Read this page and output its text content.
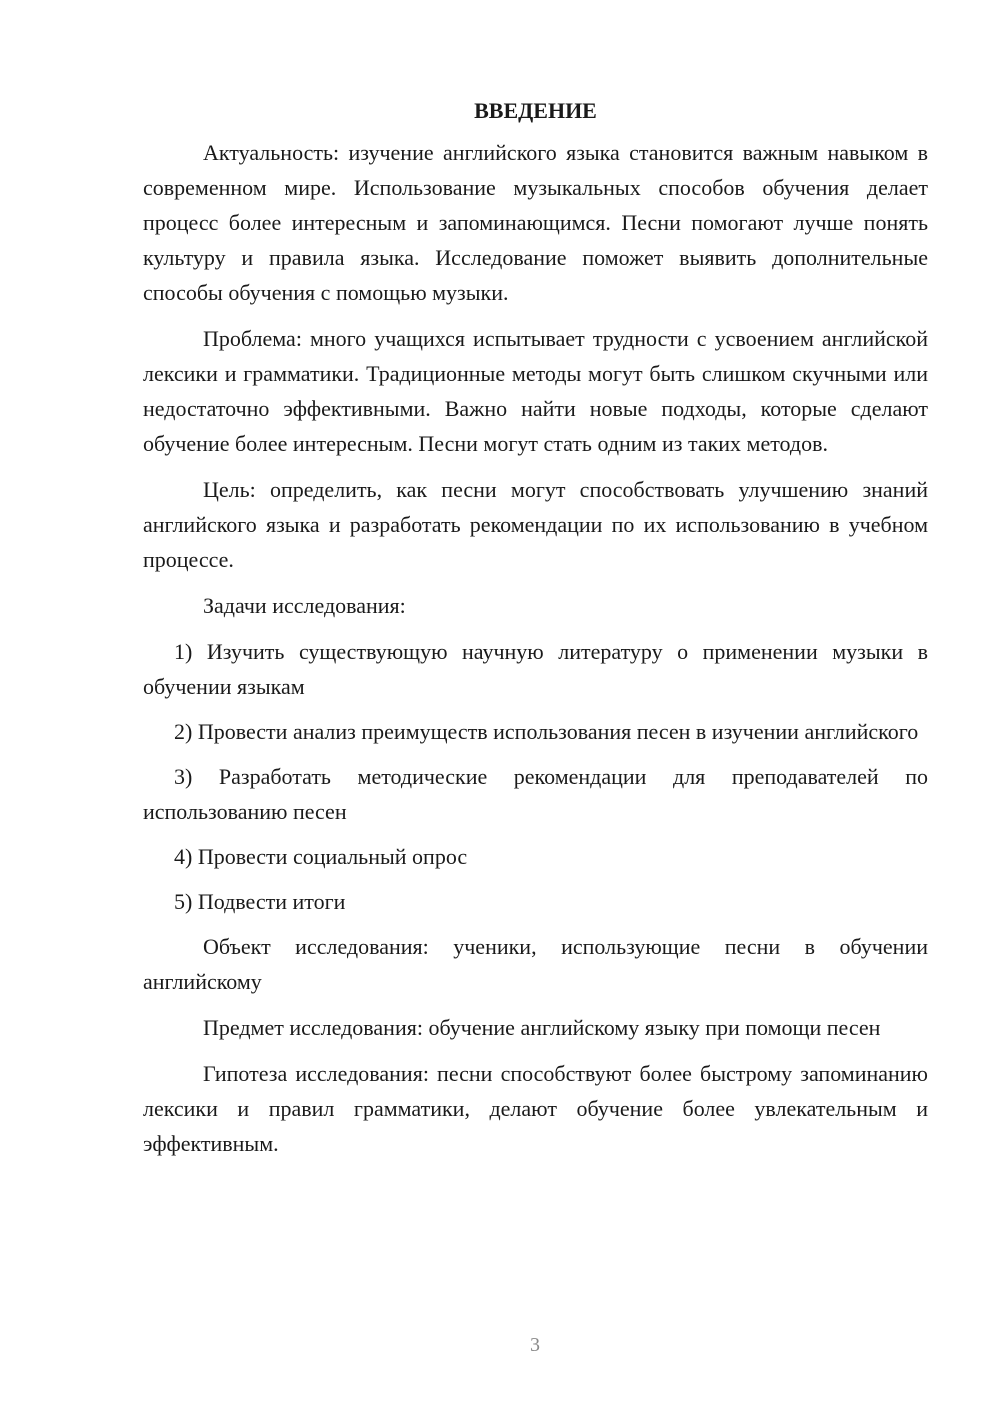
ВВЕДЕНИЕ

Актуальность: изучение английского языка становится важным навыком в современном мире. Использование музыкальных способов обучения делает процесс более интересным и запоминающимся. Песни помогают лучше понять культуру и правила языка. Исследование поможет выявить дополнительные способы обучения с помощью музыки.

Проблема: много учащихся испытывает трудности с усвоением английской лексики и грамматики. Традиционные методы могут быть слишком скучными или недостаточно эффективными. Важно найти новые подходы, которые сделают обучение более интересным. Песни могут стать одним из таких методов.

Цель: определить, как песни могут способствовать улучшению знаний английского языка и разработать рекомендации по их использованию в учебном процессе.

Задачи исследования:

1) Изучить существующую научную литературу о применении музыки в обучении языкам

2) Провести анализ преимуществ использования песен в изучении английского

3) Разработать методические рекомендации для преподавателей по использованию песен

4) Провести социальный опрос

5) Подвести итоги

Объект исследования: ученики, использующие песни в обучении английскому

Предмет исследования: обучение английскому языку при помощи песен

Гипотеза исследования: песни способствуют более быстрому запоминанию лексики и правил грамматики, делают обучение более увлекательным и эффективным.

3
